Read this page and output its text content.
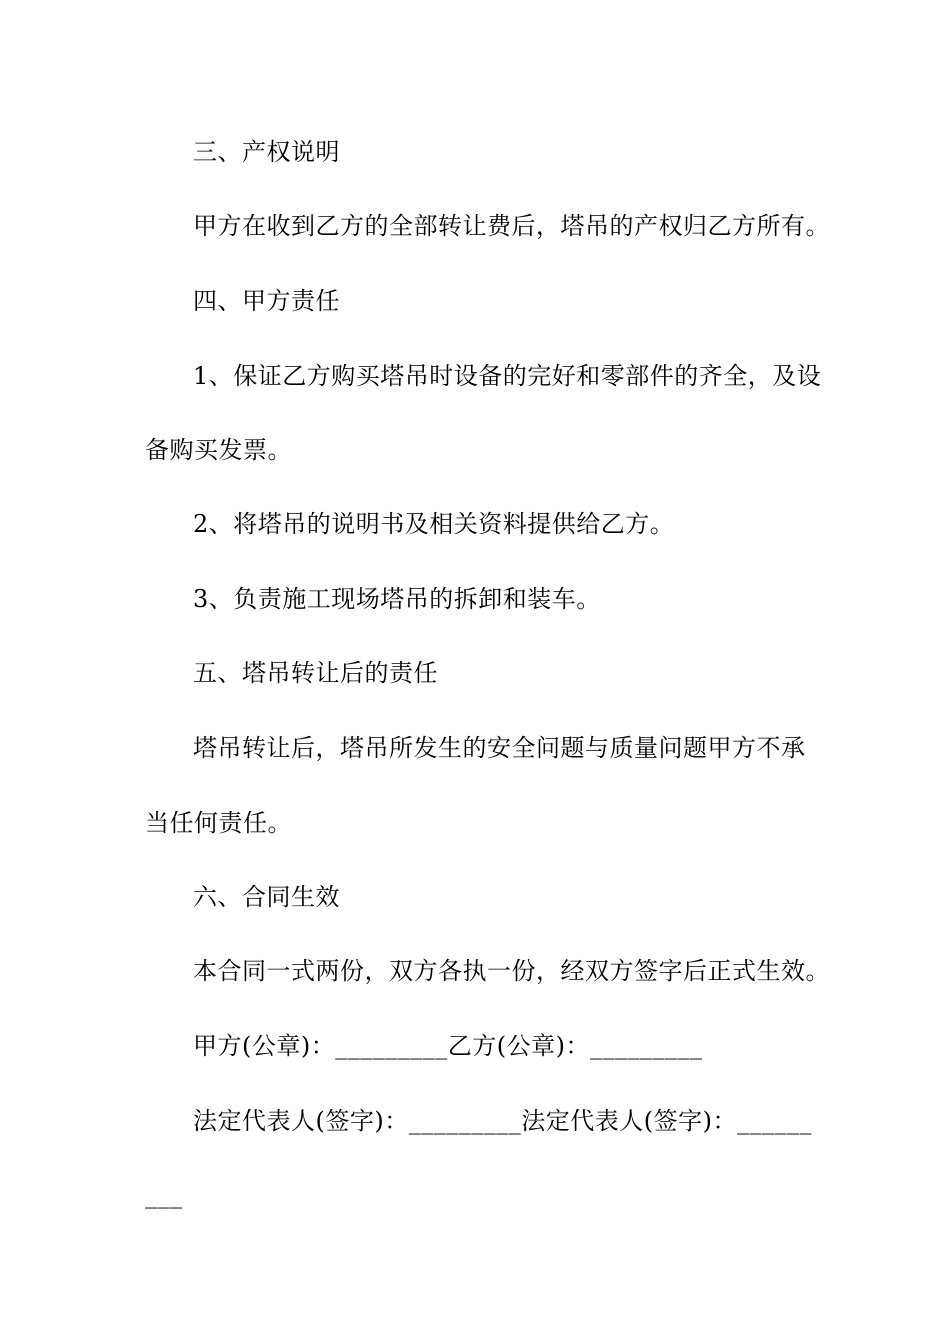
三、产权说明
甲方在收到乙方的全部转让费后，塔吊的产权归乙方所有。
四、甲方责任
1、保证乙方购买塔吊时设备的完好和零部件的齐全，及设
备购买发票。
2、将塔吊的说明书及相关资料提供给乙方。
3、负责施工现场塔吊的拆卸和装车。
五、塔吊转让后的责任
塔吊转让后，塔吊所发生的安全问题与质量问题甲方不承
当任何责任。
六、合同生效
本合同一式两份，双方各执一份，经双方签字后正式生效。
甲方(公章)：_________乙方(公章)：_________
法定代表人(签字)：_________法定代表人(签字)：______
___
